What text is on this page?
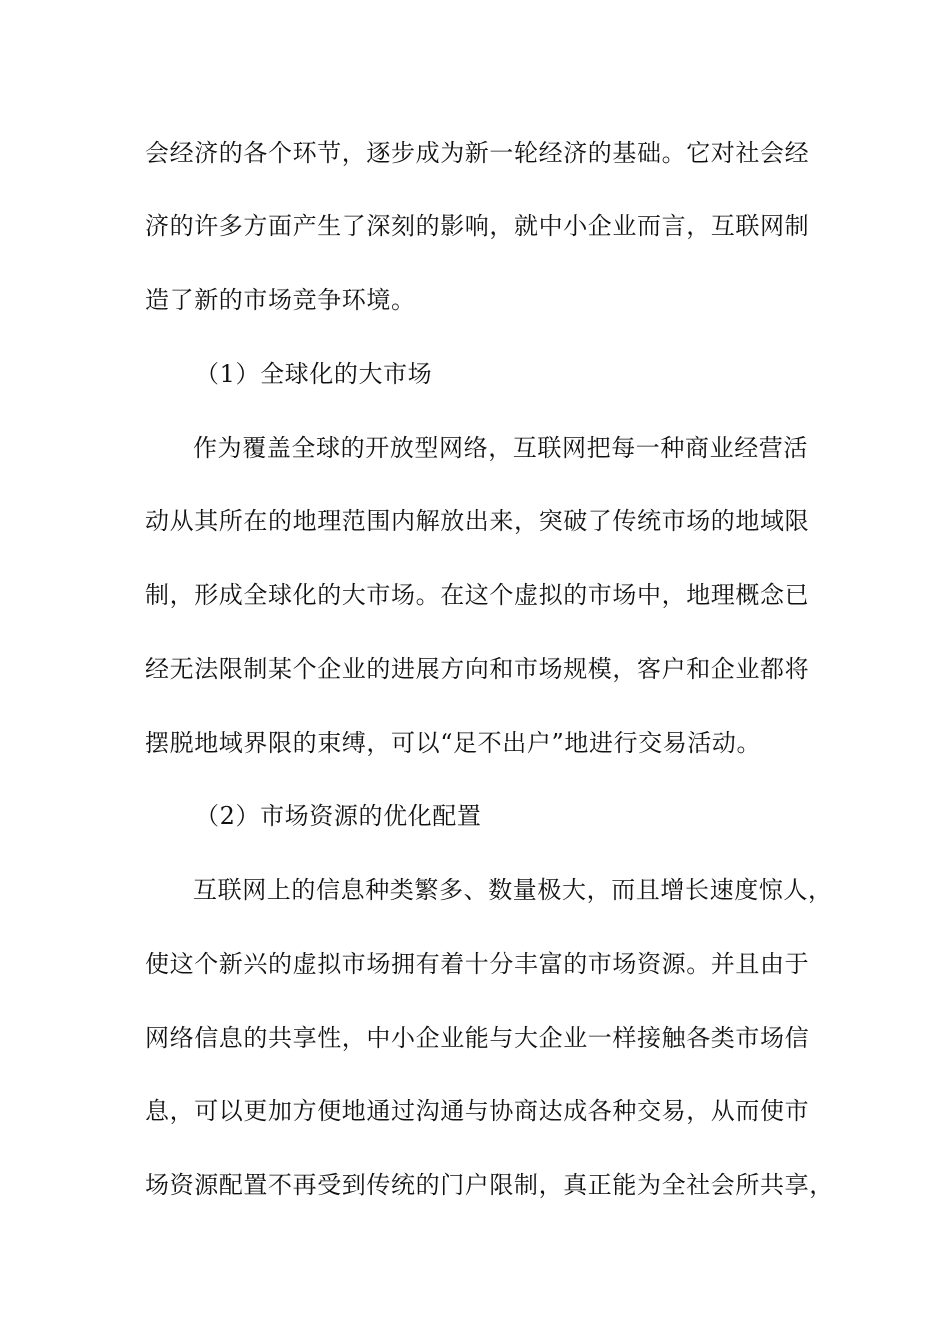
会经济的各个环节，逐步成为新一轮经济的基础。它对社会经
济的许多方面产生了深刻的影响，就中小企业而言，互联网制
造了新的市场竞争环境。
（1）全球化的大市场
作为覆盖全球的开放型网络，互联网把每一种商业经营活
动从其所在的地理范围内解放出来，突破了传统市场的地域限
制，形成全球化的大市场。在这个虚拟的市场中，地理概念已
经无法限制某个企业的进展方向和市场规模，客户和企业都将
摆脱地域界限的束缚，可以“足不出户”地进行交易活动。
（2）市场资源的优化配置
互联网上的信息种类繁多、数量极大，而且增长速度惊人，
使这个新兴的虚拟市场拥有着十分丰富的市场资源。并且由于
网络信息的共享性，中小企业能与大企业一样接触各类市场信
息，可以更加方便地通过沟通与协商达成各种交易，从而使市
场资源配置不再受到传统的门户限制，真正能为全社会所共享，
